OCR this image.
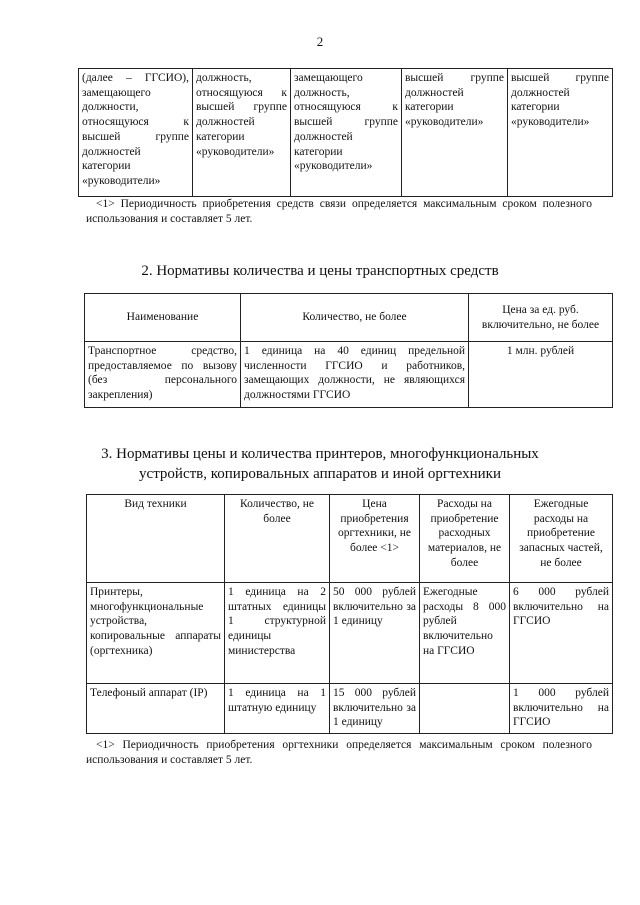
2
(далее – ГГСИО), замещающего должности, относящуюся к высшей группе должностей категории «руководители»	должность, относящуюся к высшей группе должностей категории «руководители»	замещающего должность, относящуюся к высшей группе должностей категории «руководители»	высшей группе должностей категории «руководители»	высшей группе должностей категории «руководители»
<1> Периодичность приобретения средств связи определяется максимальным сроком полезного использования и составляет 5 лет.
2. Нормативы количества и цены транспортных средств
Наименование	Количество, не более	Цена за ед. руб. включительно, не более
Транспортное средство, предоставляемое по вызову (без персонального закрепления)	1 единица на 40 единиц предельной численности ГГСИО и работников, замещающих должности, не являющихся должностями ГГСИО	1 млн. рублей
3. Нормативы цены и количества принтеров, многофункциональных
устройств, копировальных аппаратов и иной оргтехники
Вид техники	Количество, не более	Цена приобретения оргтехники, не более <1>	Расходы на приобретение расходных материалов, не более	Ежегодные расходы на приобретение запасных частей, не более
Принтеры, многофункциональные устройства, копировальные аппараты (оргтехника)	1 единица на 2 штатных единицы 1 структурной единицы министерства	50 000 рублей включительно за 1 единицу	Ежегодные расходы 8 000 рублей включительно на ГГСИО	6 000 рублей включительно на ГГСИО
Телефоный аппарат (IP)	1 единица на 1 штатную единицу	15 000 рублей включительно за 1 единицу		1 000 рублей включительно на ГГСИО
<1> Периодичность приобретения оргтехники определяется максимальным сроком полезного использования и составляет 5 лет.
